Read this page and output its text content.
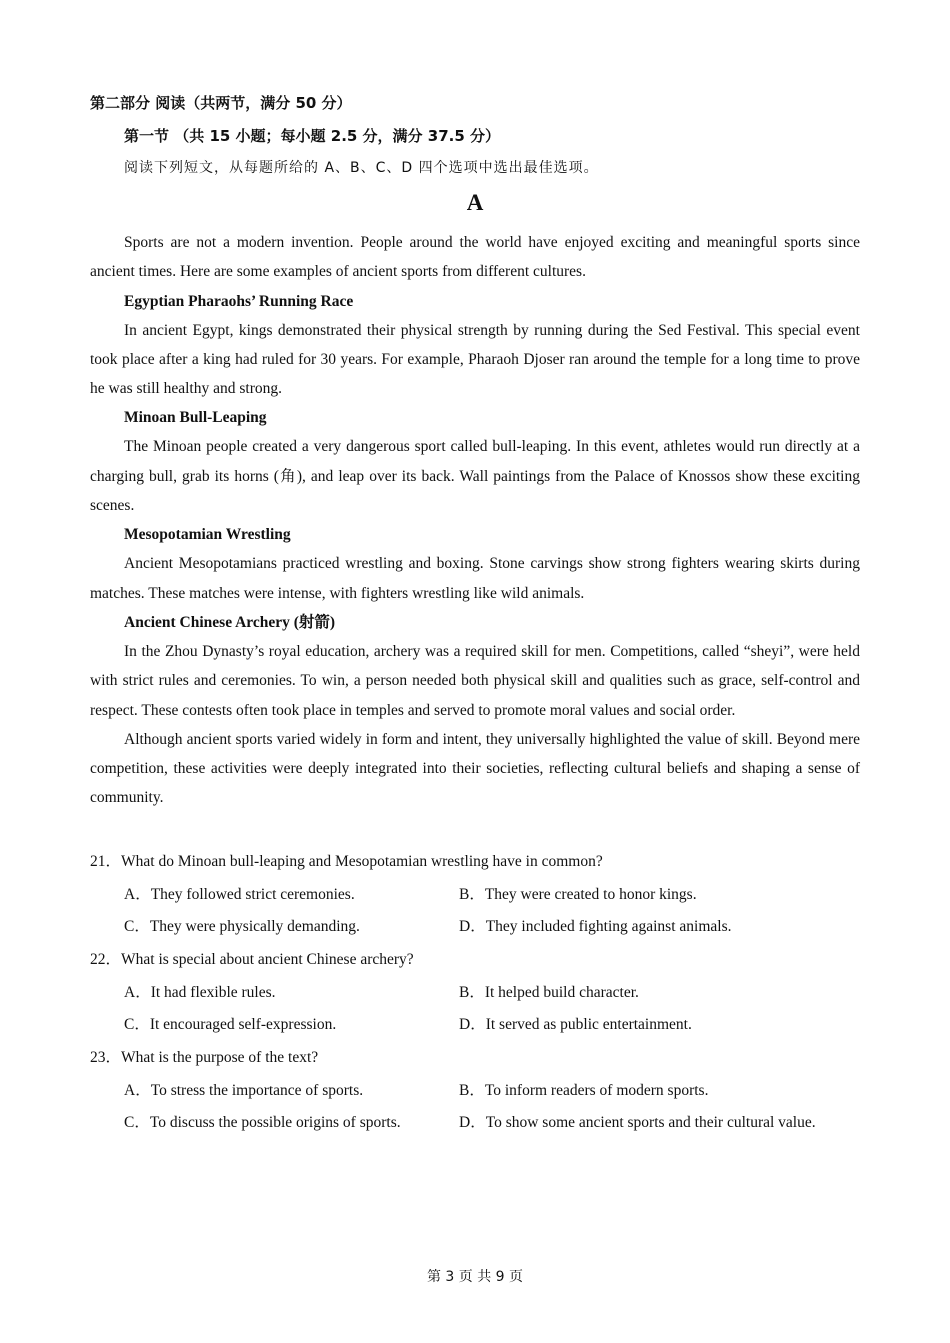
第二部分 阅读（共两节，满分 50 分）
第一节 （共 15 小题；每小题 2.5 分，满分 37.5 分）
阅读下列短文，从每题所给的 A、B、C、D 四个选项中选出最佳选项。
A

Sports are not a modern invention. People around the world have enjoyed exciting and meaningful sports since ancient times. Here are some examples of ancient sports from different cultures.

Egyptian Pharaohs’ Running Race

In ancient Egypt, kings demonstrated their physical strength by running during the Sed Festival. This special event took place after a king had ruled for 30 years. For example, Pharaoh Djoser ran around the temple for a long time to prove he was still healthy and strong.

Minoan Bull-Leaping

The Minoan people created a very dangerous sport called bull-leaping. In this event, athletes would run directly at a charging bull, grab its horns (角), and leap over its back. Wall paintings from the Palace of Knossos show these exciting scenes.

Mesopotamian Wrestling

Ancient Mesopotamians practiced wrestling and boxing. Stone carvings show strong fighters wearing skirts during matches. These matches were intense, with fighters wrestling like wild animals.

Ancient Chinese Archery (射箭)

In the Zhou Dynasty’s royal education, archery was a required skill for men. Competitions, called “sheyi”, were held with strict rules and ceremonies. To win, a person needed both physical skill and qualities such as grace, self-control and respect. These contests often took place in temples and served to promote moral values and social order.

Although ancient sports varied widely in form and intent, they universally highlighted the value of skill. Beyond mere competition, these activities were deeply integrated into their societies, reflecting cultural beliefs and shaping a sense of community.

21．What do Minoan bull-leaping and Mesopotamian wrestling have in common?
A．They followed strict ceremonies.	B．They were created to honor kings.
C．They were physically demanding.	D．They included fighting against animals.
22．What is special about ancient Chinese archery?
A．It had flexible rules.	B．It helped build character.
C．It encouraged self-expression.	D．It served as public entertainment.
23．What is the purpose of the text?
A．To stress the importance of sports.	B．To inform readers of modern sports.
C．To discuss the possible origins of sports.	D．To show some ancient sports and their cultural value.
第 3 页 共 9 页
